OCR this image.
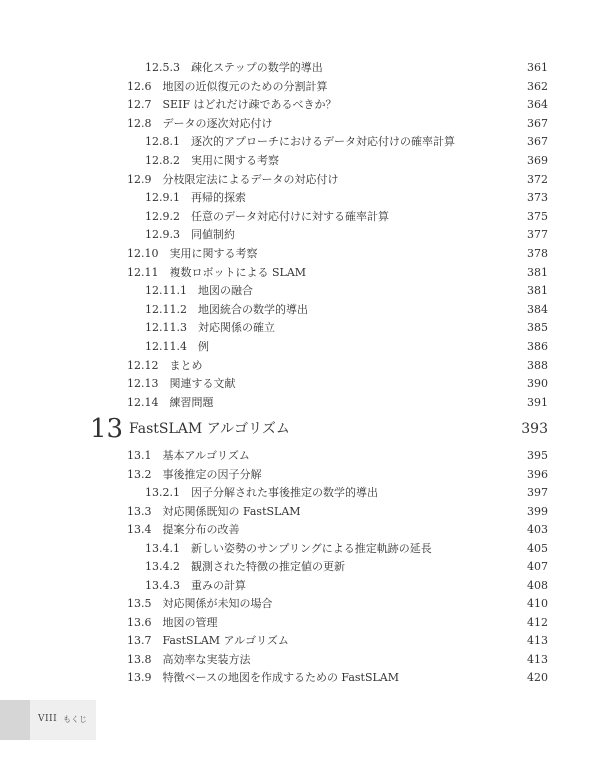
12.5.3　疎化ステップの数学的導出	361
12.6　地図の近似復元のための分割計算	362
12.7　SEIF はどれだけ疎であるべきか？	364
12.8　データの逐次対応付け	367
12.8.1　逐次的アプローチにおけるデータ対応付けの確率計算	367
12.8.2　実用に関する考察	369
12.9　分枝限定法によるデータの対応付け	372
12.9.1　再帰的探索	373
12.9.2　任意のデータ対応付けに対する確率計算	375
12.9.3　同値制約	377
12.10　実用に関する考察	378
12.11　複数ロボットによる SLAM	381
12.11.1　地図の融合	381
12.11.2　地図統合の数学的導出	384
12.11.3　対応関係の確立	385
12.11.4　例	386
12.12　まとめ	388
12.13　関連する文献	390
12.14　練習問題	391
13 FastSLAM アルゴリズム	393
13.1　基本アルゴリズム	395
13.2　事後推定の因子分解	396
13.2.1　因子分解された事後推定の数学的導出	397
13.3　対応関係既知の FastSLAM	399
13.4　提案分布の改善	403
13.4.1　新しい姿勢のサンプリングによる推定軌跡の延長	405
13.4.2　観測された特徴の推定値の更新	407
13.4.3　重みの計算	408
13.5　対応関係が未知の場合	410
13.6　地図の管理	412
13.7　FastSLAM アルゴリズム	413
13.8　高効率な実装方法	413
13.9　特徴ベースの地図を作成するための FastSLAM	420
VIII もくじ
